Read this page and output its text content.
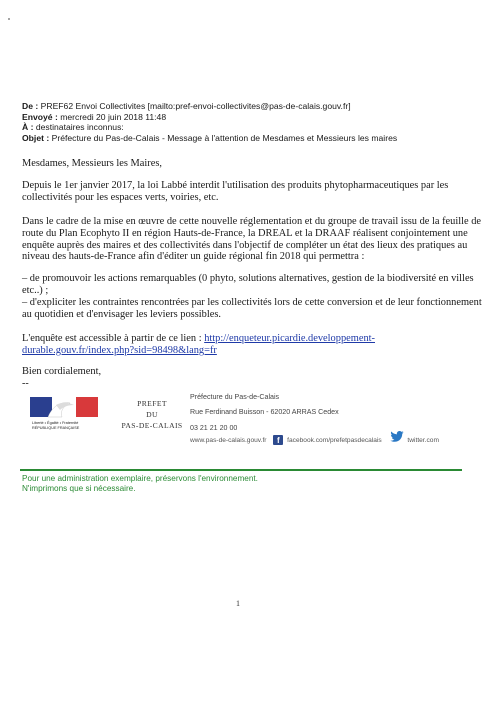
De : PREF62 Envoi Collectivites [mailto:pref-envoi-collectivites@pas-de-calais.gouv.fr]
Envoyé : mercredi 20 juin 2018 11:48
À : destinataires inconnus:
Objet : Préfecture du Pas-de-Calais - Message à l'attention de Mesdames et Messieurs les maires

Mesdames, Messieurs les Maires,

Depuis le 1er janvier 2017, la loi Labbé interdit l'utilisation des produits phytopharmaceutiques par les collectivités pour les espaces verts, voiries, etc.

Dans le cadre de la mise en œuvre de cette nouvelle réglementation et du groupe de travail issu de la feuille de route du Plan Ecophyto II en région Hauts-de-France, la DREAL et la DRAAF réalisent conjointement une enquête auprès des maires et des collectivités dans l'objectif de compléter un état des lieux des pratiques au niveau des hauts-de-France afin d'éditer un guide régional fin 2018 qui permettra :

– de promouvoir les actions remarquables (0 phyto, solutions alternatives, gestion de la biodiversité en villes etc..) ;

– d'expliciter les contraintes rencontrées par les collectivités lors de cette conversion et de leur fonctionnement au quotidien et d'envisager les leviers possibles.

L'enquête est accessible à partir de ce lien : http://enqueteur.picardie.developpement-durable.gouv.fr/index.php?sid=98498&lang=fr

Bien cordialement,

--
Liberté • Égalité • Fraternité
RÉPUBLIQUE FRANÇAISE
PREFET
DU
PAS-DE-CALAIS
Préfecture du Pas-de-Calais
Rue Ferdinand Buisson - 62020 ARRAS Cedex
03 21 21 20 00
www.pas-de-calais.gouv.fr f facebook.com/prefetpasdecalais	twitter.com
Pour une administration exemplaire, préservons l'environnement.
N'imprimons que si nécessaire.
1
